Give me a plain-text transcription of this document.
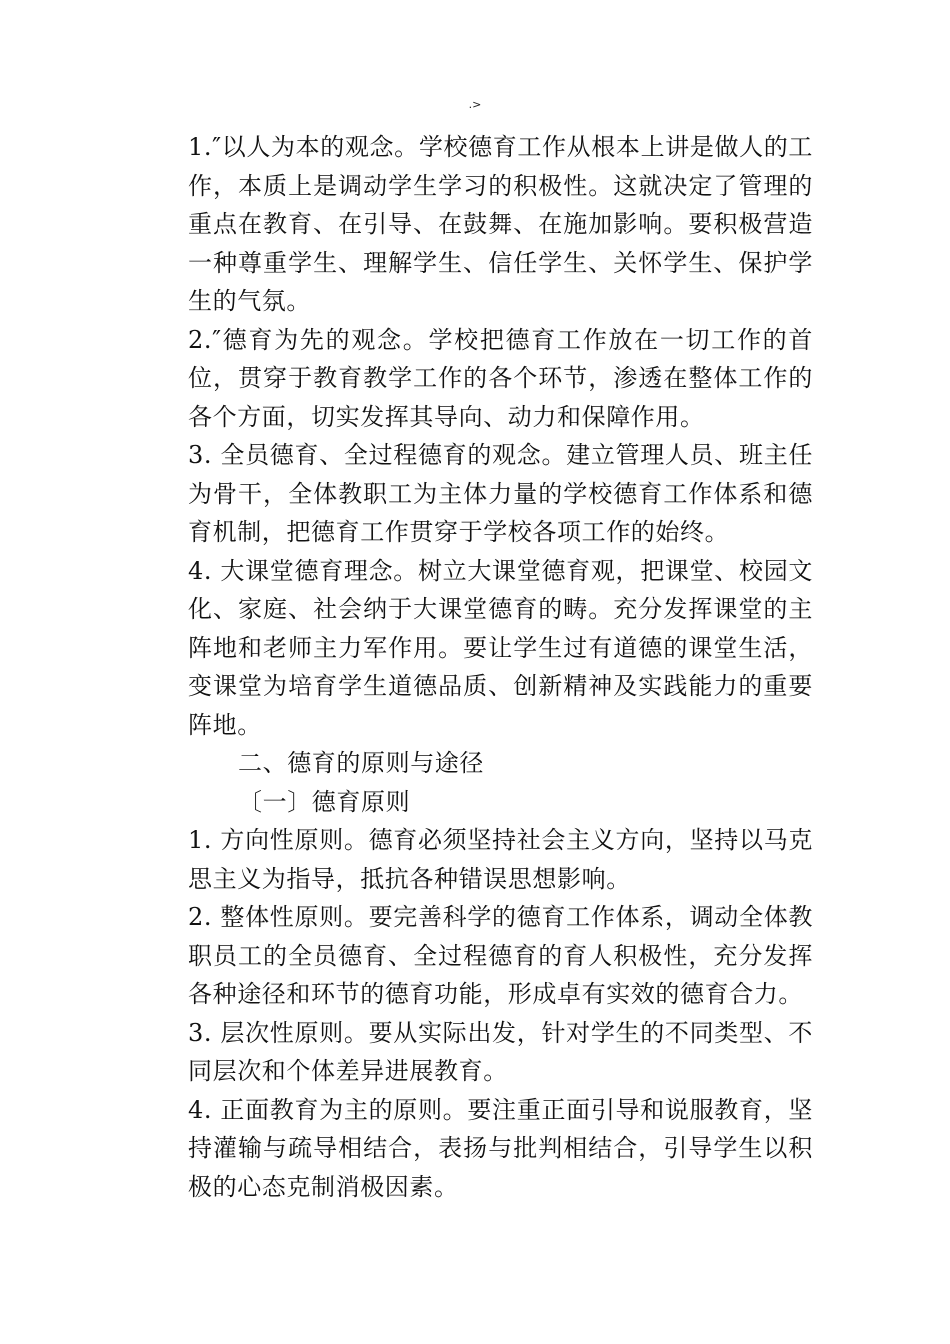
.>

1.″以人为本的观念。学校德育工作从根本上讲是做人的工作，本质上是调动学生学习的积极性。这就决定了管理的重点在教育、在引导、在鼓舞、在施加影响。要积极营造一种尊重学生、理解学生、信任学生、关怀学生、保护学生的气氛。

2.″德育为先的观念。学校把德育工作放在一切工作的首位，贯穿于教育教学工作的各个环节，渗透在整体工作的各个方面，切实发挥其导向、动力和保障作用。

3. 全员德育、全过程德育的观念。建立管理人员、班主任为骨干，全体教职工为主体力量的学校德育工作体系和德育机制，把德育工作贯穿于学校各项工作的始终。

4. 大课堂德育理念。树立大课堂德育观，把课堂、校园文化、家庭、社会纳于大课堂德育的畴。充分发挥课堂的主阵地和老师主力军作用。要让学生过有道德的课堂生活，变课堂为培育学生道德品质、创新精神及实践能力的重要阵地。

二、德育的原则与途径

〔一〕德育原则

1. 方向性原则。德育必须坚持社会主义方向，坚持以马克思主义为指导，抵抗各种错误思想影响。

2. 整体性原则。要完善科学的德育工作体系，调动全体教职员工的全员德育、全过程德育的育人积极性，充分发挥各种途径和环节的德育功能，形成卓有实效的德育合力。

3. 层次性原则。要从实际出发，针对学生的不同类型、不同层次和个体差异进展教育。

4. 正面教育为主的原则。要注重正面引导和说服教育，坚持灌输与疏导相结合，表扬与批判相结合，引导学生以积极的心态克制消极因素。
